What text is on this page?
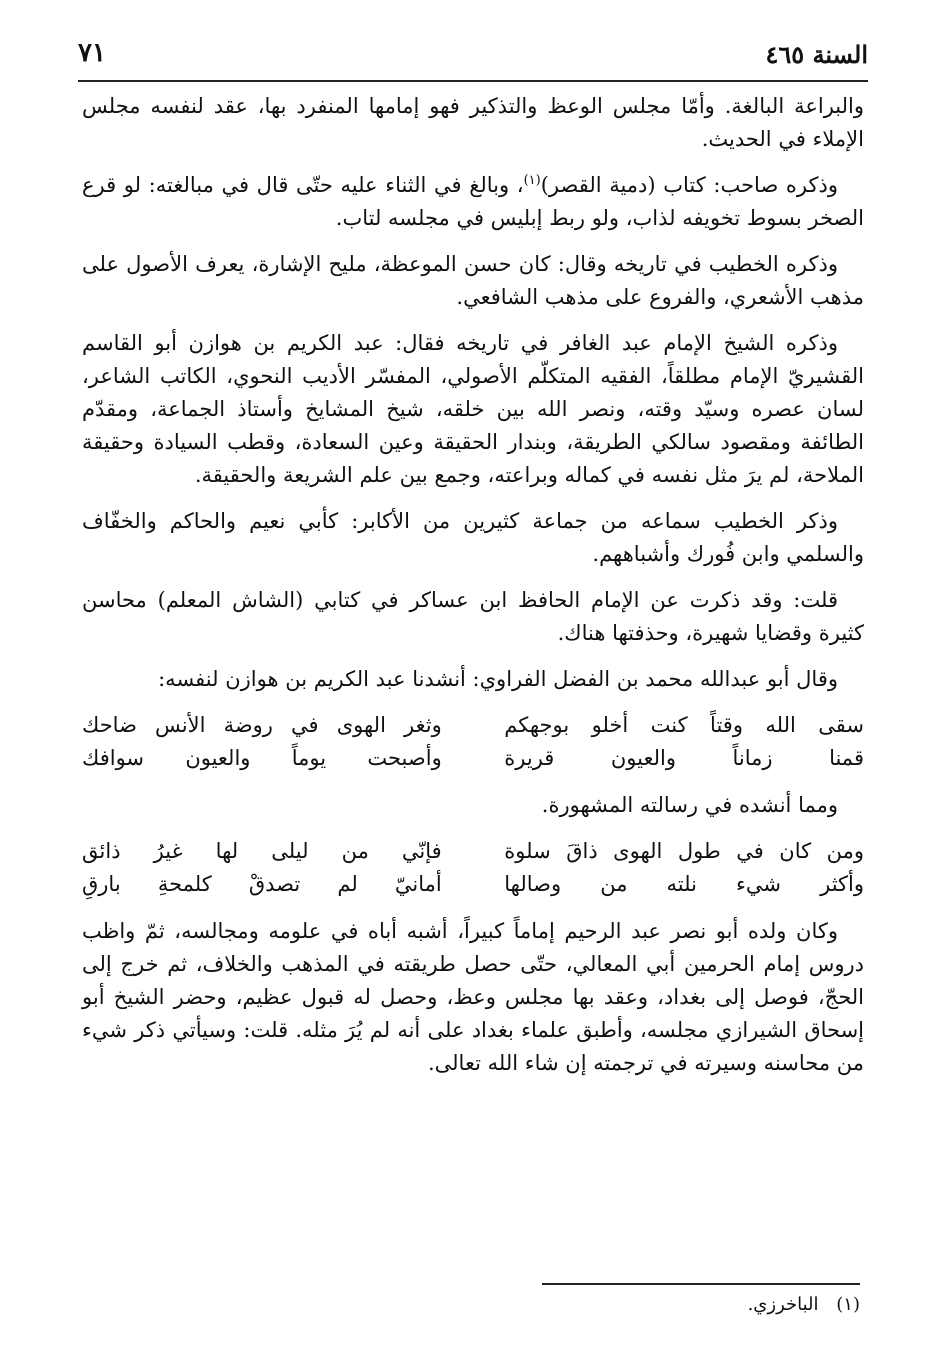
السنة ٤٦٥
٧١

والبراعة البالغة. وأمّا مجلس الوعظ والتذكير فهو إمامها المنفرد بها، عقد لنفسه مجلس الإملاء في الحديث.

وذكره صاحب: كتاب (دمية القصر)$^{(١)}$، وبالغ في الثناء عليه حتّى قال في مبالغته: لو قرع الصخر بسوط تخويفه لذاب، ولو ربط إبليس في مجلسه لتاب.

وذكره الخطيب في تاريخه وقال: كان حسن الموعظة، مليح الإشارة، يعرف الأصول على مذهب الأشعري، والفروع على مذهب الشافعي.

وذكره الشيخ الإمام عبد الغافر في تاريخه فقال: عبد الكريم بن هوازن أبو القاسم القشيريّ الإمام مطلقاً، الفقيه المتكلّم الأصولي، المفسّر الأديب النحوي، الكاتب الشاعر، لسان عصره وسيّد وقته، ونصر الله بين خلقه، شيخ المشايخ وأستاذ الجماعة، ومقدّم الطائفة ومقصود سالكي الطريقة، وبندار الحقيقة وعين السعادة، وقطب السيادة وحقيقة الملاحة، لم يرَ مثل نفسه في كماله وبراعته، وجمع بين علم الشريعة والحقيقة.

وذكر الخطيب سماعه من جماعة كثيرين من الأكابر: كأبي نعيم والحاكم والخفّاف والسلمي وابن فُورك وأشباههم.

قلت: وقد ذكرت عن الإمام الحافظ ابن عساكر في كتابي (الشاش المعلم) محاسن كثيرة وقضايا شهيرة، وحذفتها هناك.

وقال أبو عبدالله محمد بن الفضل الفراوي: أنشدنا عبد الكريم بن هوازن لنفسه:

سقى الله وقتاً كنت أخلو بوجهكم
وثغر الهوى في روضة الأنس ضاحك
قمنا زماناً والعيون قريرة
وأصبحت يوماً والعيون سوافك

ومما أنشده في رسالته المشهورة.

ومن كان في طول الهوى ذاقَ سلوة
فإنّي من ليلى لها غيرُ ذائق
وأكثر شيء نلته من وصالها
أمانيّ لم تصدقْ كلمحةِ بارقِ

وكان ولده أبو نصر عبد الرحيم إماماً كبيراً، أشبه أباه في علومه ومجالسه، ثمّ واظب دروس إمام الحرمين أبي المعالي، حتّى حصل طريقته في المذهب والخلاف، ثم خرج إلى الحجّ، فوصل إلى بغداد، وعقد بها مجلس وعظ، وحصل له قبول عظيم، وحضر الشيخ أبو إسحاق الشيرازي مجلسه، وأطبق علماء بغداد على أنه لم يُرَ مثله. قلت: وسيأتي ذكر شيء من محاسنه وسيرته في ترجمته إن شاء الله تعالى.

(١) الباخرزي.
